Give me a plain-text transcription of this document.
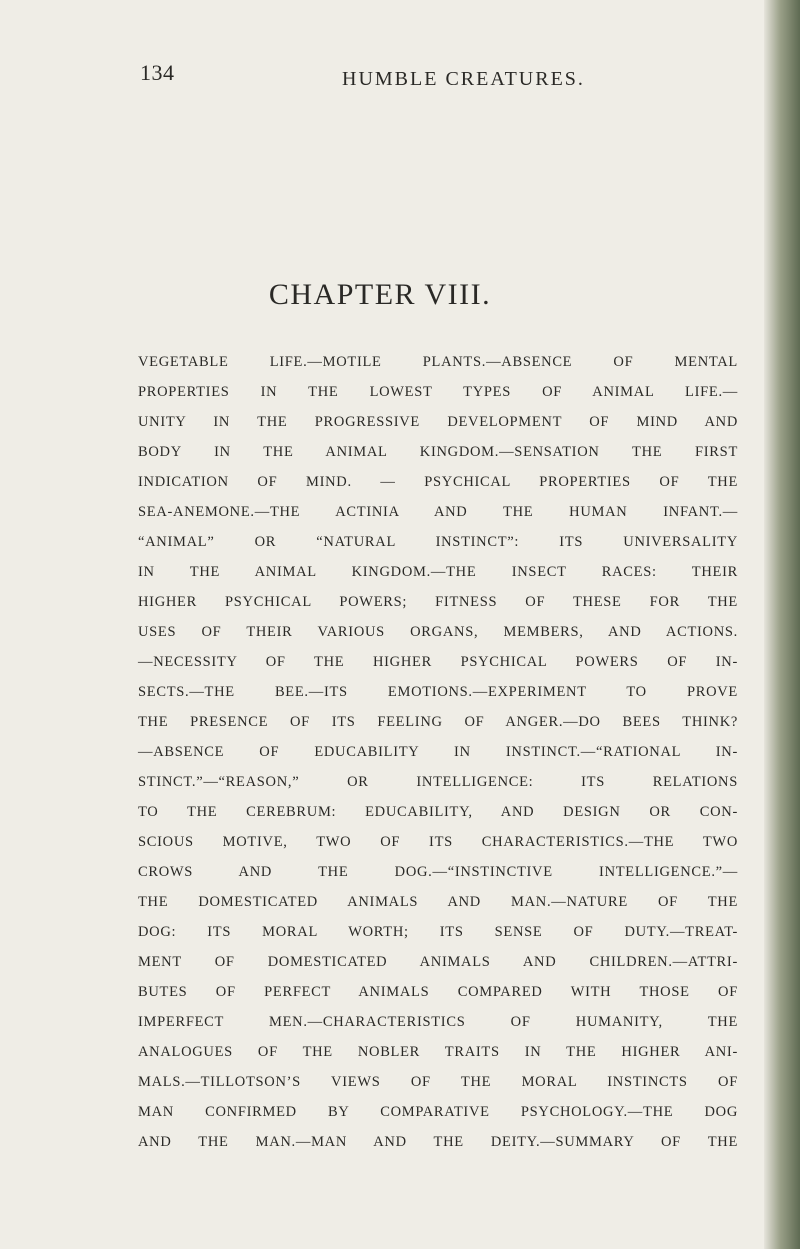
134	HUMBLE CREATURES.
CHAPTER VIII.
VEGETABLE LIFE.—MOTILE PLANTS.—ABSENCE OF MENTAL
PROPERTIES IN THE LOWEST TYPES OF ANIMAL LIFE.—
UNITY IN THE PROGRESSIVE DEVELOPMENT OF MIND AND
BODY IN THE ANIMAL KINGDOM.—SENSATION THE FIRST
INDICATION OF MIND. — PSYCHICAL PROPERTIES OF THE
SEA-ANEMONE.—THE ACTINIA AND THE HUMAN INFANT.—
“ANIMAL” OR “NATURAL INSTINCT”: ITS UNIVERSALITY
IN THE ANIMAL KINGDOM.—THE INSECT RACES: THEIR
HIGHER PSYCHICAL POWERS; FITNESS OF THESE FOR THE
USES OF THEIR VARIOUS ORGANS, MEMBERS, AND ACTIONS.
—NECESSITY OF THE HIGHER PSYCHICAL POWERS OF IN-
SECTS.—THE BEE.—ITS EMOTIONS.—EXPERIMENT TO PROVE
THE PRESENCE OF ITS FEELING OF ANGER.—DO BEES THINK?
—ABSENCE OF EDUCABILITY IN INSTINCT.—“RATIONAL IN-
STINCT.”—“REASON,” OR INTELLIGENCE: ITS RELATIONS
TO THE CEREBRUM: EDUCABILITY, AND DESIGN OR CON-
SCIOUS MOTIVE, TWO OF ITS CHARACTERISTICS.—THE TWO
CROWS AND THE DOG.—“INSTINCTIVE INTELLIGENCE.”—
THE DOMESTICATED ANIMALS AND MAN.—NATURE OF THE
DOG: ITS MORAL WORTH; ITS SENSE OF DUTY.—TREAT-
MENT OF DOMESTICATED ANIMALS AND CHILDREN.—ATTRI-
BUTES OF PERFECT ANIMALS COMPARED WITH THOSE OF
IMPERFECT MEN.—CHARACTERISTICS OF HUMANITY, THE
ANALOGUES OF THE NOBLER TRAITS IN THE HIGHER ANI-
MALS.—TILLOTSON’S VIEWS OF THE MORAL INSTINCTS OF
MAN CONFIRMED BY COMPARATIVE PSYCHOLOGY.—THE DOG
AND THE MAN.—MAN AND THE DEITY.—SUMMARY OF THE
